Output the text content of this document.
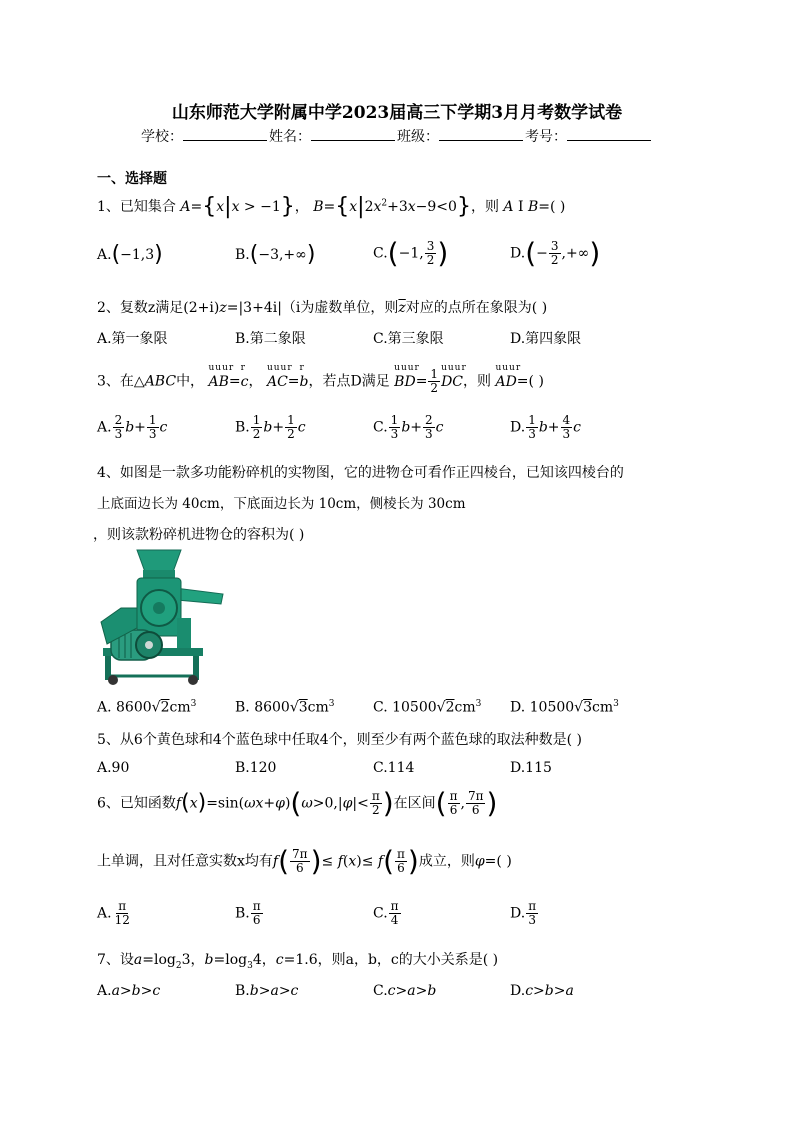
山东师范大学附属中学2023届高三下学期3月月考数学试卷
学校：	姓名：	班级：	考号：
一、选择题
1、已知集合 A={x|x > −1}， $B=\{x|2x^2+3x-9<0\}$，则 A I B=( )
A.(−1,3)	B.(−3,+∞)	C.(−1, $\frac{3}{2}$ )	$D.(- \frac{3}{2}$ ,+∞)
2、复数z满足(2+i)z=|3+4i|（i为虚数单位，则$\overline{z}$对应的点所在象限为( )
A.第一象限	B.第二象限	C.第三象限	D.第四象限
3、在△ABC中，
uuur
AB=
r
c，
uuur
AC=
r
b，若点D满足
uuur
$BD= \frac{1}{2}$
uuur
DC，则
uuur
AD=( )
A. $\frac{2}{3} b+ \frac{1}{3}$ c	B. $\frac{1}{2} b+ \frac{1}{2}$ c	C. $\frac{1}{3} b+ \frac{2}{3}$ c	D. $\frac{1}{3} b+ \frac{4}{3}$ c
4、如图是一款多功能粉碎机的实物图，它的进物仓可看作正四棱台，已知该四棱台的
上底面边长为 40cm，下底面边长为 10cm，侧棱长为 30cm
，则该款粉碎机进物仓的容积为( )
A. $8600√2cm^3$	B. $8600√3cm^3$	C. $10500√2cm^3$ D. $10500√3cm^3$
5、从6个黄色球和4个蓝色球中任取4个，则至少有两个蓝色球的取法种数是( )
A.90	B.120	C.114	D.115
6、已知函数$f(x)=\sin(\omega x+\varphi)(\omega>0,|\varphi|< \frac{\pi}{2}$ )在区间( $\frac{\pi}{6}$ , $\frac{7\pi}{6}$ )
上单调，且对任意实数x均有$f( \frac{7\pi}{6}$ )≤ $f(x)\le f( \frac{\pi}{6}$ )成立，则φ=( )
A. $\frac{\pi}{12}$	B. $\frac{\pi}{6}$	C. $\frac{\pi}{4}$	D. $\frac{\pi}{3}$
7、设$a=\log_23$，$b=\log_34$，c=1.6，则a，b，c的大小关系是( )
A.a>b>c	B.b>a>c	C.c>a>b	D.c>b>a
